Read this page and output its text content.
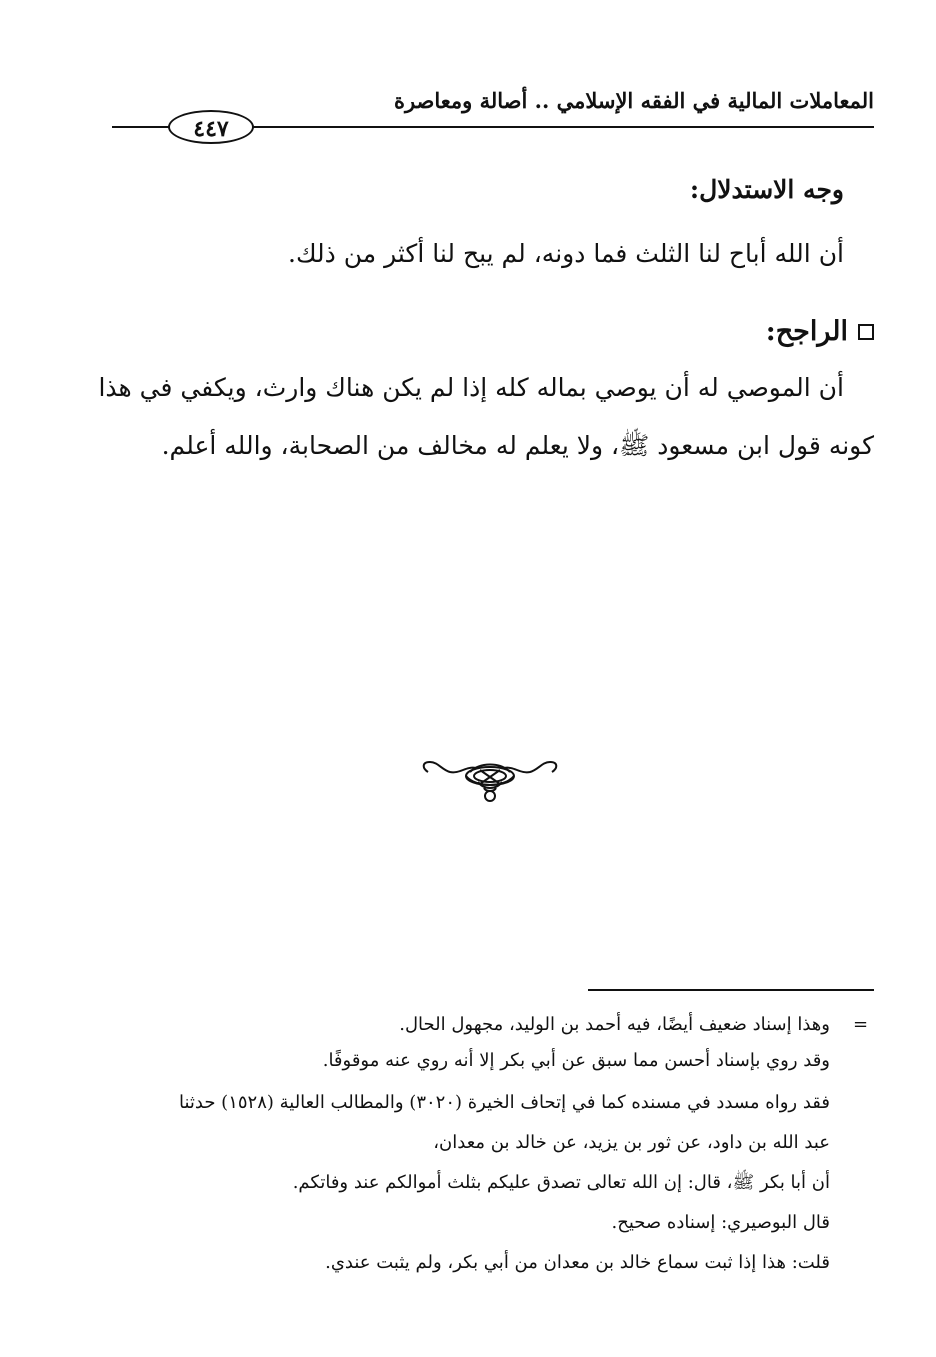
المعاملات المالية في الفقه الإسلامي .. أصالة ومعاصرة
٤٤٧
وجه الاستدلال:
أن الله أباح لنا الثلث فما دونه، لم يبح لنا أكثر من ذلك.
الراجح:
أن الموصي له أن يوصي بماله كله إذا لم يكن هناك وارث، ويكفي في هذا
كونه قول ابن مسعود ﷺ، ولا يعلم له مخالف من الصحابة، والله أعلم.
=
وهذا إسناد ضعيف أيضًا، فيه أحمد بن الوليد، مجهول الحال.
وقد روي بإسناد أحسن مما سبق عن أبي بكر إلا أنه روي عنه موقوفًا.
فقد رواه مسدد في مسنده كما في إتحاف الخيرة (٣٠٢٠) والمطالب العالية (١٥٢٨) حدثنا
عبد الله بن داود، عن ثور بن يزيد، عن خالد بن معدان،
أن أبا بكر ﷺ، قال: إن الله تعالى تصدق عليكم بثلث أموالكم عند وفاتكم.
قال البوصيري: إسناده صحيح.
قلت: هذا إذا ثبت سماع خالد بن معدان من أبي بكر، ولم يثبت عندي.
